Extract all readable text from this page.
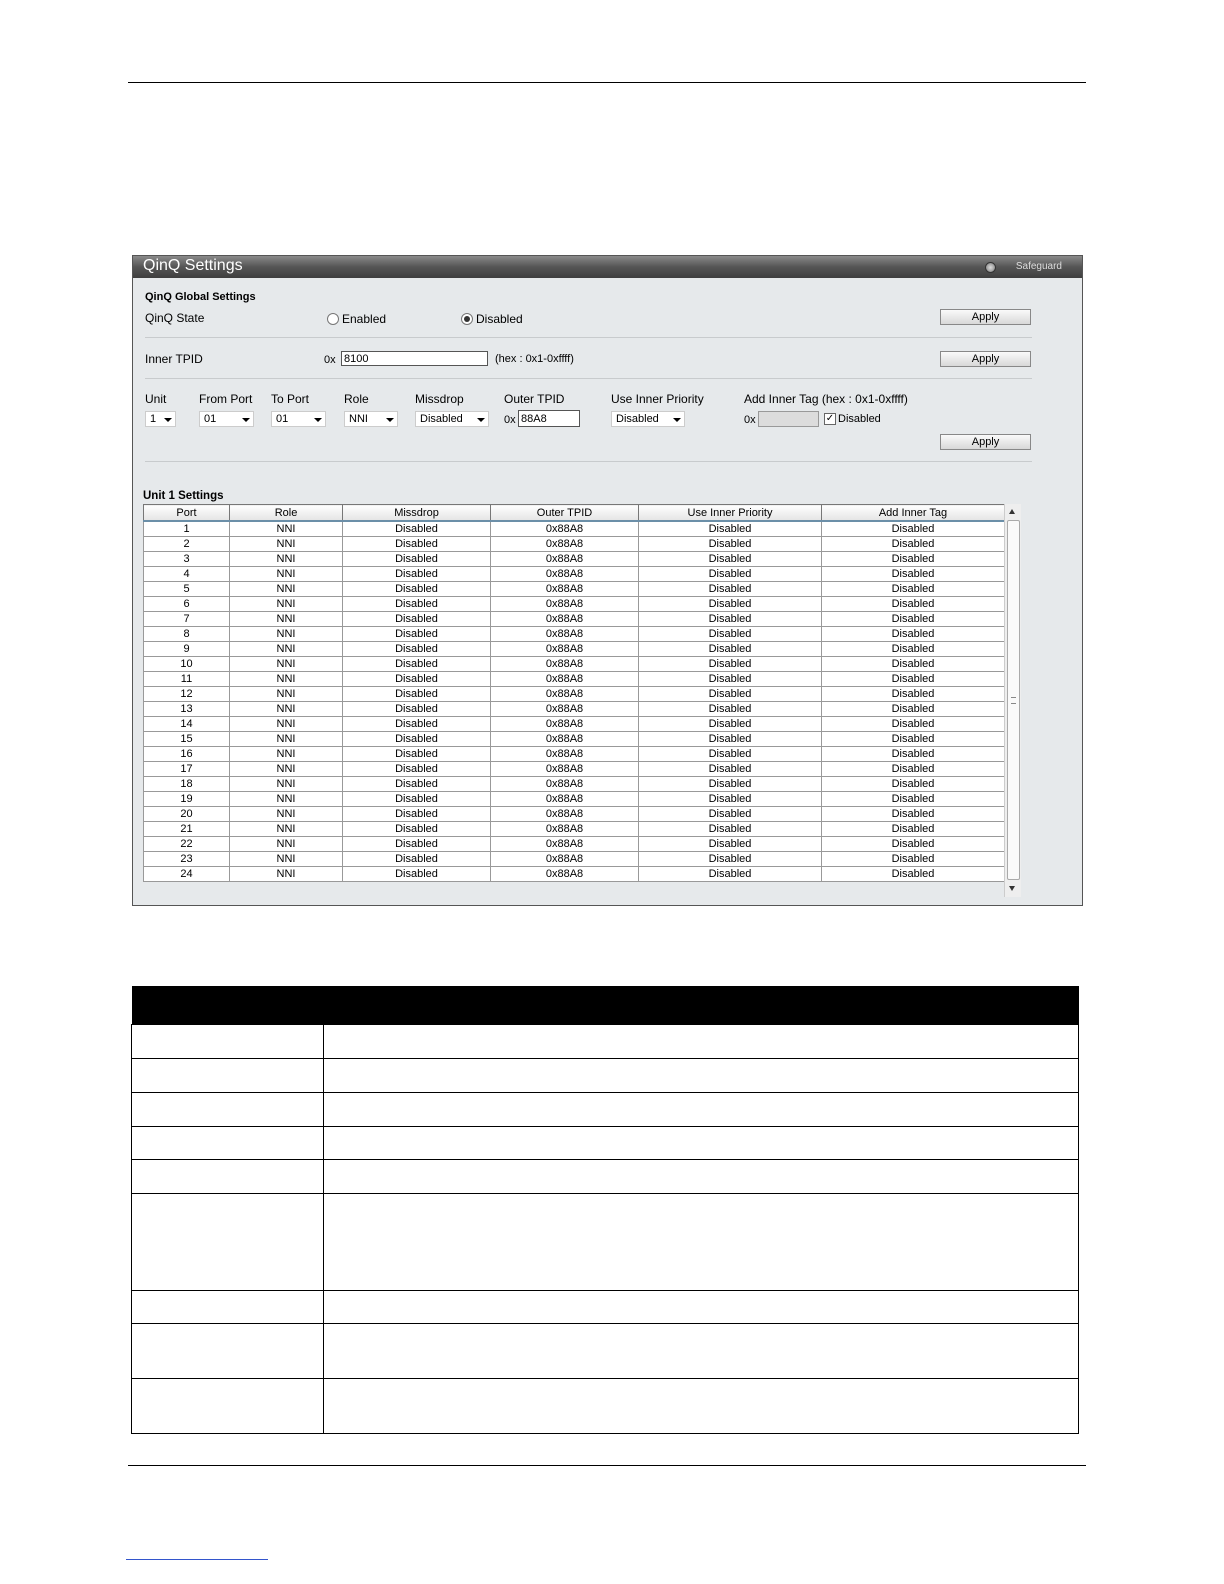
QinQ Settings	Safeguard
QinQ Global Settings
QinQ State	Enabled	Disabled	Apply
Inner TPID	0x 8100	(hex : 0x1-0xffff)	Apply
Unit	From Port To Port	Role	Missdrop	Outer TPID	Use Inner Priority	Add Inner Tag (hex : 0x1-0xffff)
1	01	01	NNI	Disabled	0x 88A8	Disabled	0x	✓ Disabled
Apply
Unit 1 Settings
Port	Role	Missdrop	Outer TPID	Use Inner Priority	Add Inner Tag
1	NNI	Disabled	0x88A8	Disabled	Disabled
2	NNI	Disabled	0x88A8	Disabled	Disabled
3	NNI	Disabled	0x88A8	Disabled	Disabled
4	NNI	Disabled	0x88A8	Disabled	Disabled
5	NNI	Disabled	0x88A8	Disabled	Disabled
6	NNI	Disabled	0x88A8	Disabled	Disabled
7	NNI	Disabled	0x88A8	Disabled	Disabled
8	NNI	Disabled	0x88A8	Disabled	Disabled
9	NNI	Disabled	0x88A8	Disabled	Disabled
10	NNI	Disabled	0x88A8	Disabled	Disabled
11	NNI	Disabled	0x88A8	Disabled	Disabled
12	NNI	Disabled	0x88A8	Disabled	Disabled
13	NNI	Disabled	0x88A8	Disabled	Disabled
14	NNI	Disabled	0x88A8	Disabled	Disabled
15	NNI	Disabled	0x88A8	Disabled	Disabled
16	NNI	Disabled	0x88A8	Disabled	Disabled
17	NNI	Disabled	0x88A8	Disabled	Disabled
18	NNI	Disabled	0x88A8	Disabled	Disabled
19	NNI	Disabled	0x88A8	Disabled	Disabled
20	NNI	Disabled	0x88A8	Disabled	Disabled
21	NNI	Disabled	0x88A8	Disabled	Disabled
22	NNI	Disabled	0x88A8	Disabled	Disabled
23	NNI	Disabled	0x88A8	Disabled	Disabled
24	NNI	Disabled	0x88A8	Disabled	Disabled
